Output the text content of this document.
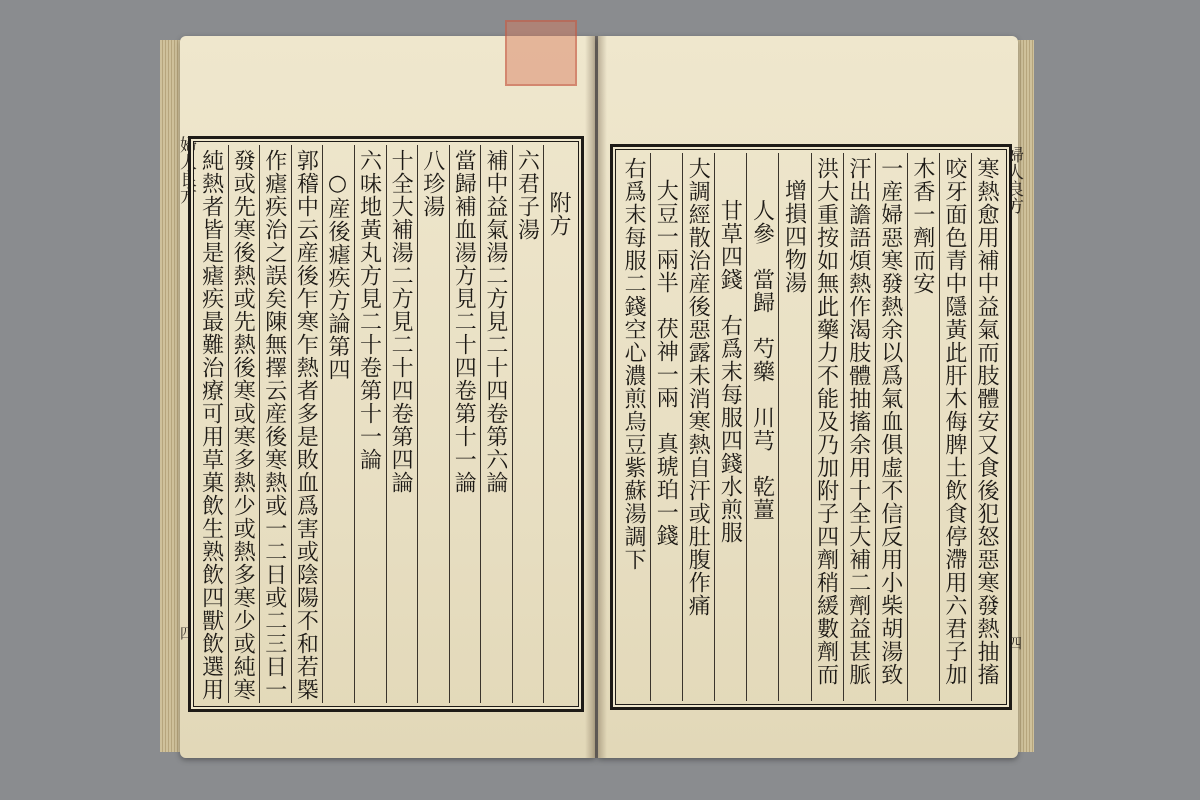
婦人良方
四
附方
六君子湯
補中益氣湯二方見二十四卷第六論
當歸補血湯方見二十四卷第十一論
八珍湯
十全大補湯二方見二十四卷第四論
六味地黃丸方見二十卷第十一論
○産後瘧疾方論第四
郭稽中云産後乍寒乍熱者多是敗血爲害或陰陽不和若槩
作瘧疾治之誤矣陳無擇云産後寒熱或一二日或二三日一
發或先寒後熱或先熱後寒或寒多熱少或熱多寒少或純寒
純熱者皆是瘧疾最難治療可用草菓飲生熟飲四獸飲選用	婦人良方
四
寒熱愈用補中益氣而肢體安又食後犯怒惡寒發熱抽搐
咬牙面色青中隱黃此肝木侮脾土飲食停滯用六君子加
木香一劑而安
一産婦惡寒發熱余以爲氣血俱虚不信反用小柴胡湯致
汗出譫語煩熱作渴肢體抽搐余用十全大補二劑益甚脈
洪大重按如無此藥力不能及乃加附子四劑稍緩數劑而
增損四物湯
人參　當歸　芍藥　川芎　乾薑
甘草四錢　右爲末每服四錢水煎服
大調經散治産後惡露未消寒熱自汗或肚腹作痛
大豆一兩半　茯神一兩　真琥珀一錢
右爲末每服二錢空心濃煎烏豆紫蘇湯調下
